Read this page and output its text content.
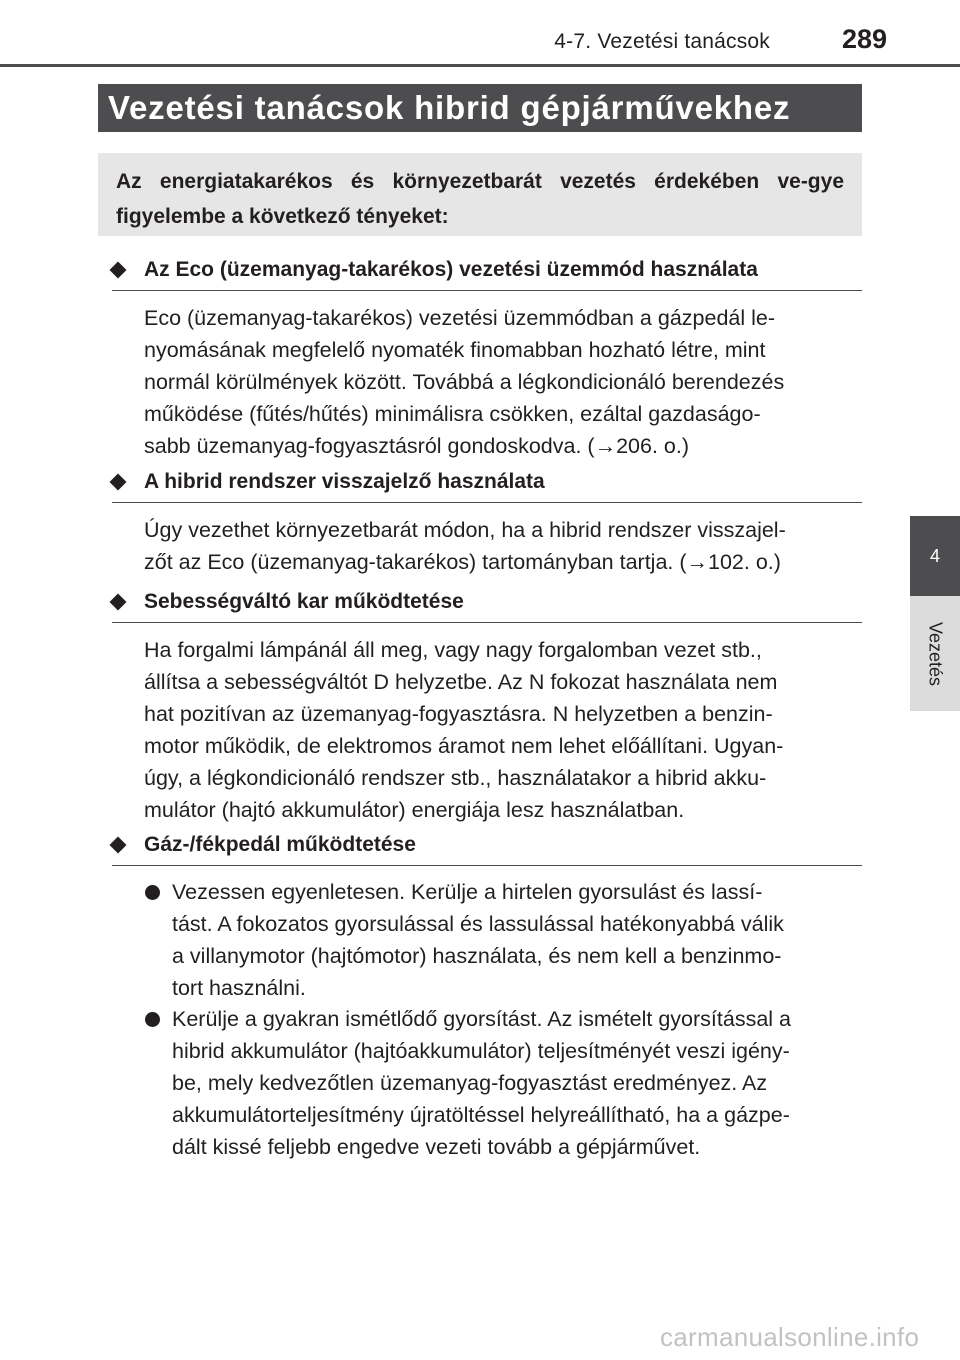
4-7. Vezetési tanácsok	289
4
Vezetés
Vezetési tanácsok hibrid gépjárművekhez
Az energiatakarékos és környezetbarát vezetés érdekében ve-gye figyelembe a következő tényeket:
Az Eco (üzemanyag-takarékos) vezetési üzemmód használata
Eco (üzemanyag-takarékos) vezetési üzemmódban a gázpedál le-
nyomásának megfelelő nyomaték finomabban hozható létre, mint
normál körülmények között. Továbbá a légkondicionáló berendezés
működése (fűtés/hűtés) minimálisra csökken, ezáltal gazdaságo-
sabb üzemanyag-fogyasztásról gondoskodva. (→206. o.)
A hibrid rendszer visszajelző használata
Úgy vezethet környezetbarát módon, ha a hibrid rendszer visszajel-
zőt az Eco (üzemanyag-takarékos) tartományban tartja. (→102. o.)
Sebességváltó kar működtetése
Ha forgalmi lámpánál áll meg, vagy nagy forgalomban vezet stb.,
állítsa a sebességváltót D helyzetbe. Az N fokozat használata nem
hat pozitívan az üzemanyag-fogyasztásra. N helyzetben a benzin-
motor működik, de elektromos áramot nem lehet előállítani. Ugyan-
úgy, a légkondicionáló rendszer stb., használatakor a hibrid akku-
mulátor (hajtó akkumulátor) energiája lesz használatban.
Gáz-/fékpedál működtetése
Vezessen egyenletesen. Kerülje a hirtelen gyorsulást és lassí-
tást. A fokozatos gyorsulással és lassulással hatékonyabbá válik
a villanymotor (hajtómotor) használata, és nem kell a benzinmo-
tort használni.
Kerülje a gyakran ismétlődő gyorsítást. Az ismételt gyorsítással a
hibrid akkumulátor (hajtóakkumulátor) teljesítményét veszi igény-
be, mely kedvezőtlen üzemanyag-fogyasztást eredményez. Az
akkumulátorteljesítmény újratöltéssel helyreállítható, ha a gázpe-
dált kissé feljebb engedve vezeti tovább a gépjárművet.
carmanualsonline.info
